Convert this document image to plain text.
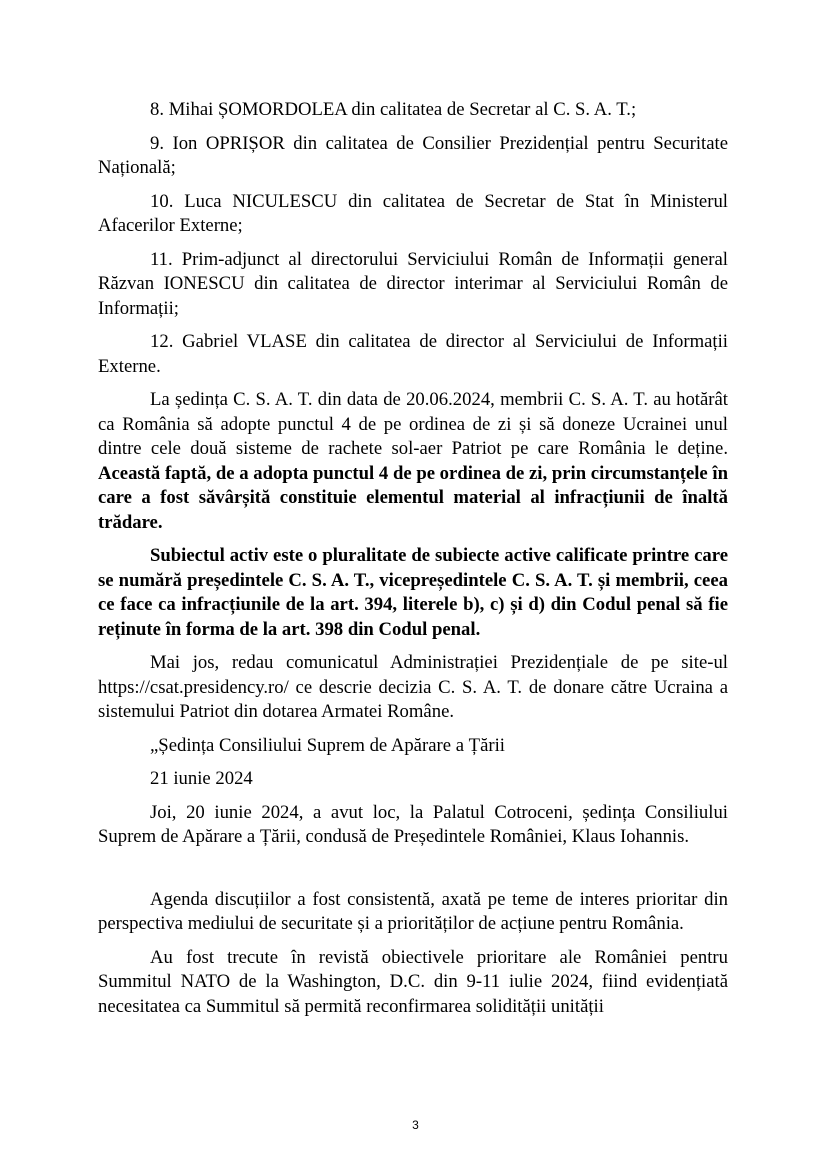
8. Mihai ȘOMORDOLEA din calitatea de Secretar al C. S. A. T.;

9. Ion OPRIȘOR din calitatea de Consilier Prezidențial pentru Securitate Națională;

10. Luca NICULESCU din calitatea de Secretar de Stat în Ministerul Afacerilor Externe;

11. Prim-adjunct al directorului Serviciului Român de Informații general Răzvan IONESCU din calitatea de director interimar al Serviciului Român de Informații;

12. Gabriel VLASE din calitatea de director al Serviciului de Informații Externe.

La ședința C. S. A. T. din data de 20.06.2024, membrii C. S. A. T. au hotărât ca România să adopte punctul 4 de pe ordinea de zi și să doneze Ucrainei unul dintre cele două sisteme de rachete sol-aer Patriot pe care România le deține. Această faptă, de a adopta punctul 4 de pe ordinea de zi, prin circumstanțele în care a fost săvârșită constituie elementul material al infracțiunii de înaltă trădare.

Subiectul activ este o pluralitate de subiecte active calificate printre care se numără președintele C. S. A. T., vicepreședintele C. S. A. T. și membrii, ceea ce face ca infracțiunile de la art. 394, literele b), c) și d) din Codul penal să fie reținute în forma de la art. 398 din Codul penal.

Mai jos, redau comunicatul Administrației Prezidențiale de pe site-ul https://csat.presidency.ro/ ce descrie decizia C. S. A. T. de donare către Ucraina a sistemului Patriot din dotarea Armatei Române.

„Ședința Consiliului Suprem de Apărare a Țării

21 iunie 2024

Joi, 20 iunie 2024, a avut loc, la Palatul Cotroceni, ședința Consiliului Suprem de Apărare a Țării, condusă de Președintele României, Klaus Iohannis.

Agenda discuțiilor a fost consistentă, axată pe teme de interes prioritar din perspectiva mediului de securitate și a priorităților de acțiune pentru România.

Au fost trecute în revistă obiectivele prioritare ale României pentru Summitul NATO de la Washington, D.C. din 9-11 iulie 2024, fiind evidențiată necesitatea ca Summitul să permită reconfirmarea solidității unității

3
